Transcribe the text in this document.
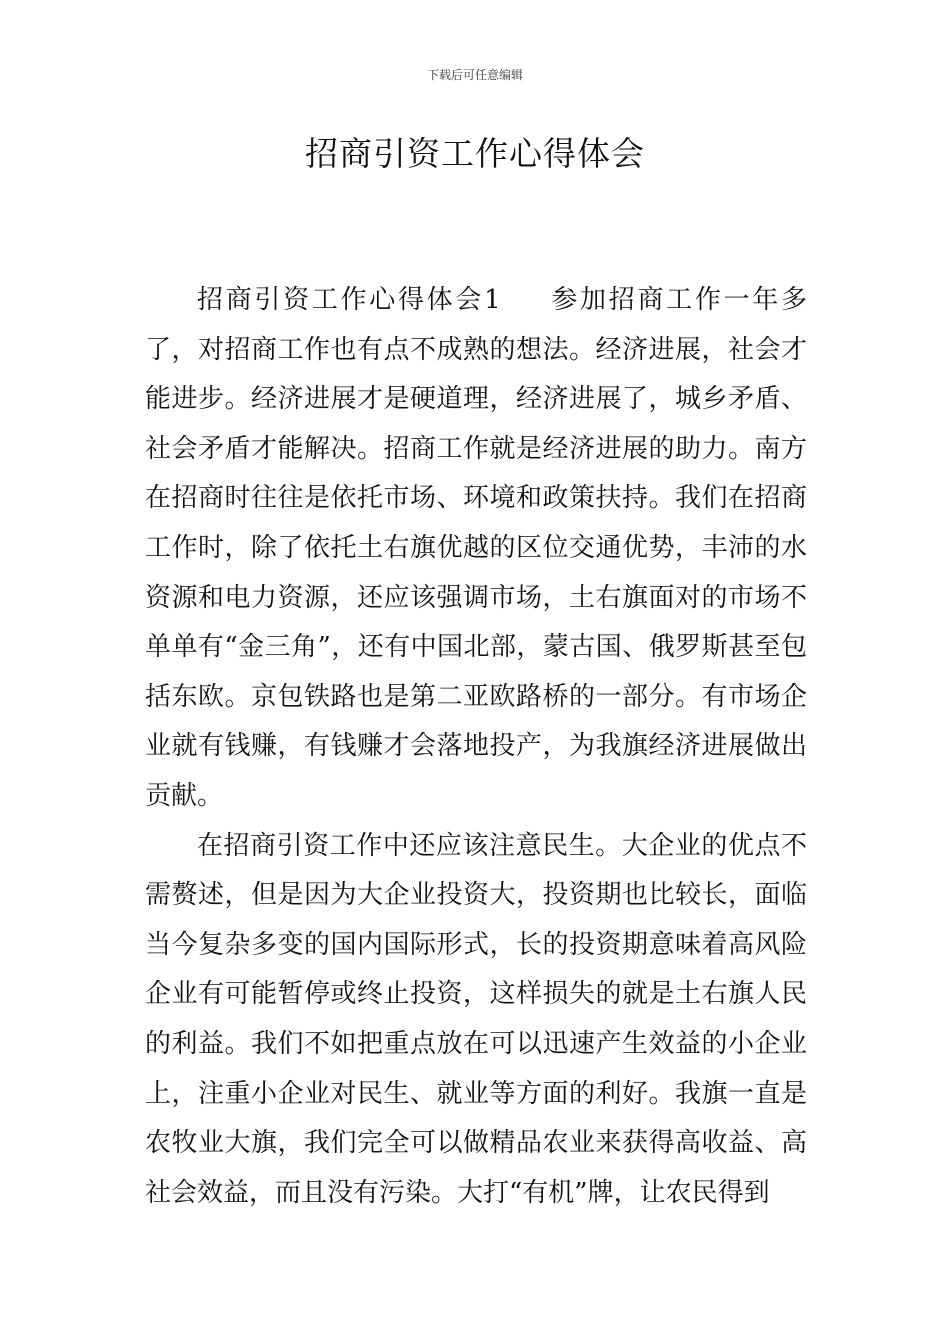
下载后可任意编辑
招商引资工作心得体会

招商引资工作心得体会1 参加招商工作一年多了，对招商工作也有点不成熟的想法。经济进展，社会才能进步。经济进展才是硬道理，经济进展了，城乡矛盾、社会矛盾才能解决。招商工作就是经济进展的助力。南方在招商时往往是依托市场、环境和政策扶持。我们在招商工作时，除了依托土右旗优越的区位交通优势，丰沛的水资源和电力资源，还应该强调市场，土右旗面对的市场不单单有“金三角”，还有中国北部，蒙古国、俄罗斯甚至包括东欧。京包铁路也是第二亚欧路桥的一部分。有市场企业就有钱赚，有钱赚才会落地投产，为我旗经济进展做出贡献。

在招商引资工作中还应该注意民生。大企业的优点不需赘述，但是因为大企业投资大，投资期也比较长，面临当今复杂多变的国内国际形式，长的投资期意味着高风险企业有可能暂停或终止投资，这样损失的就是土右旗人民的利益。我们不如把重点放在可以迅速产生效益的小企业上，注重小企业对民生、就业等方面的利好。我旗一直是农牧业大旗，我们完全可以做精品农业来获得高收益、高社会效益，而且没有污染。大打“有机”牌，让农民得到
